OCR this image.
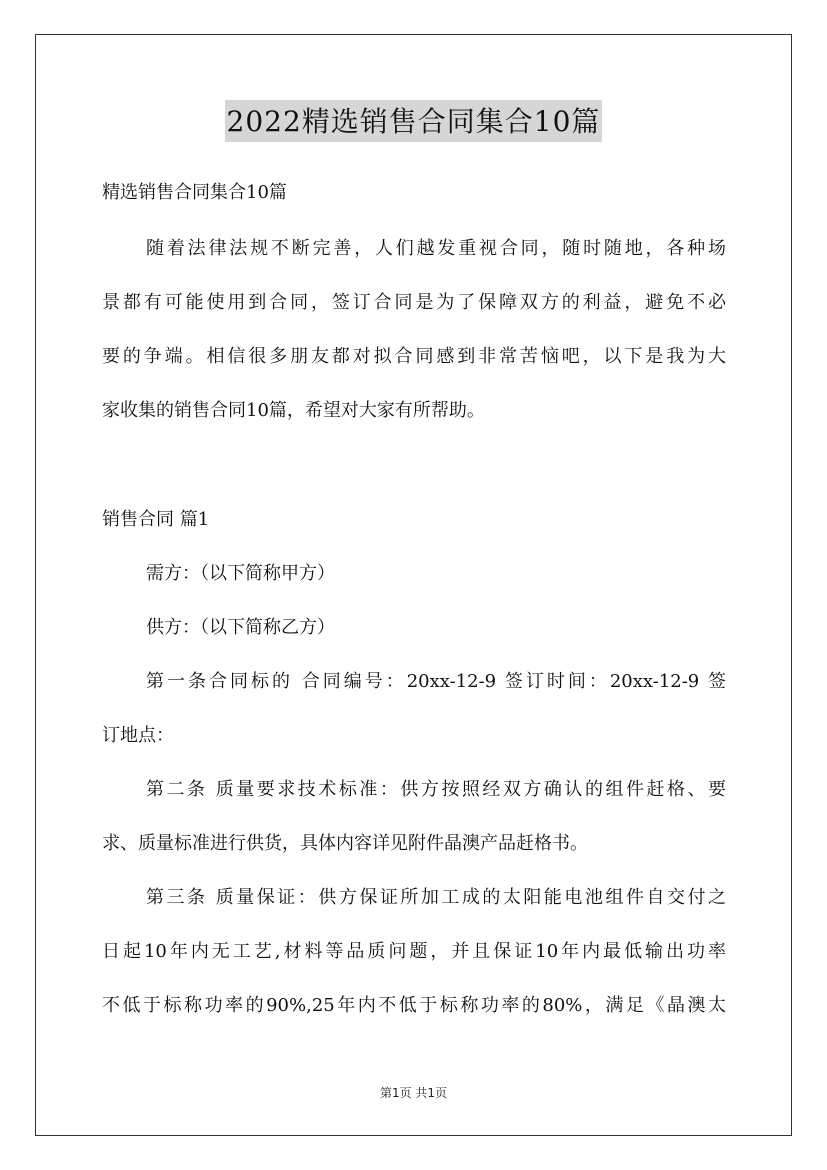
2022精选销售合同集合10篇
精选销售合同集合10篇
随着法律法规不断完善，人们越发重视合同，随时随地，各种场
景都有可能使用到合同，签订合同是为了保障双方的利益，避免不必
要的争端。相信很多朋友都对拟合同感到非常苦恼吧，以下是我为大
家收集的销售合同10篇，希望对大家有所帮助。
销售合同 篇1
需方：（以下简称甲方）
供方：（以下简称乙方）
第一条合同标的 合同编号：20xx-12-9 签订时间：20xx-12-9 签
订地点：
第二条 质量要求技术标准：供方按照经双方确认的组件赶格、要
求、质量标准进行供货，具体内容详见附件晶澳产品赶格书。
第三条 质量保证：供方保证所加工成的太阳能电池组件自交付之
日起10年内无工艺,材料等品质问题，并且保证10年内最低输出功率
不低于标称功率的90%,25年内不低于标称功率的80%，满足《晶澳太
第1页 共1页
